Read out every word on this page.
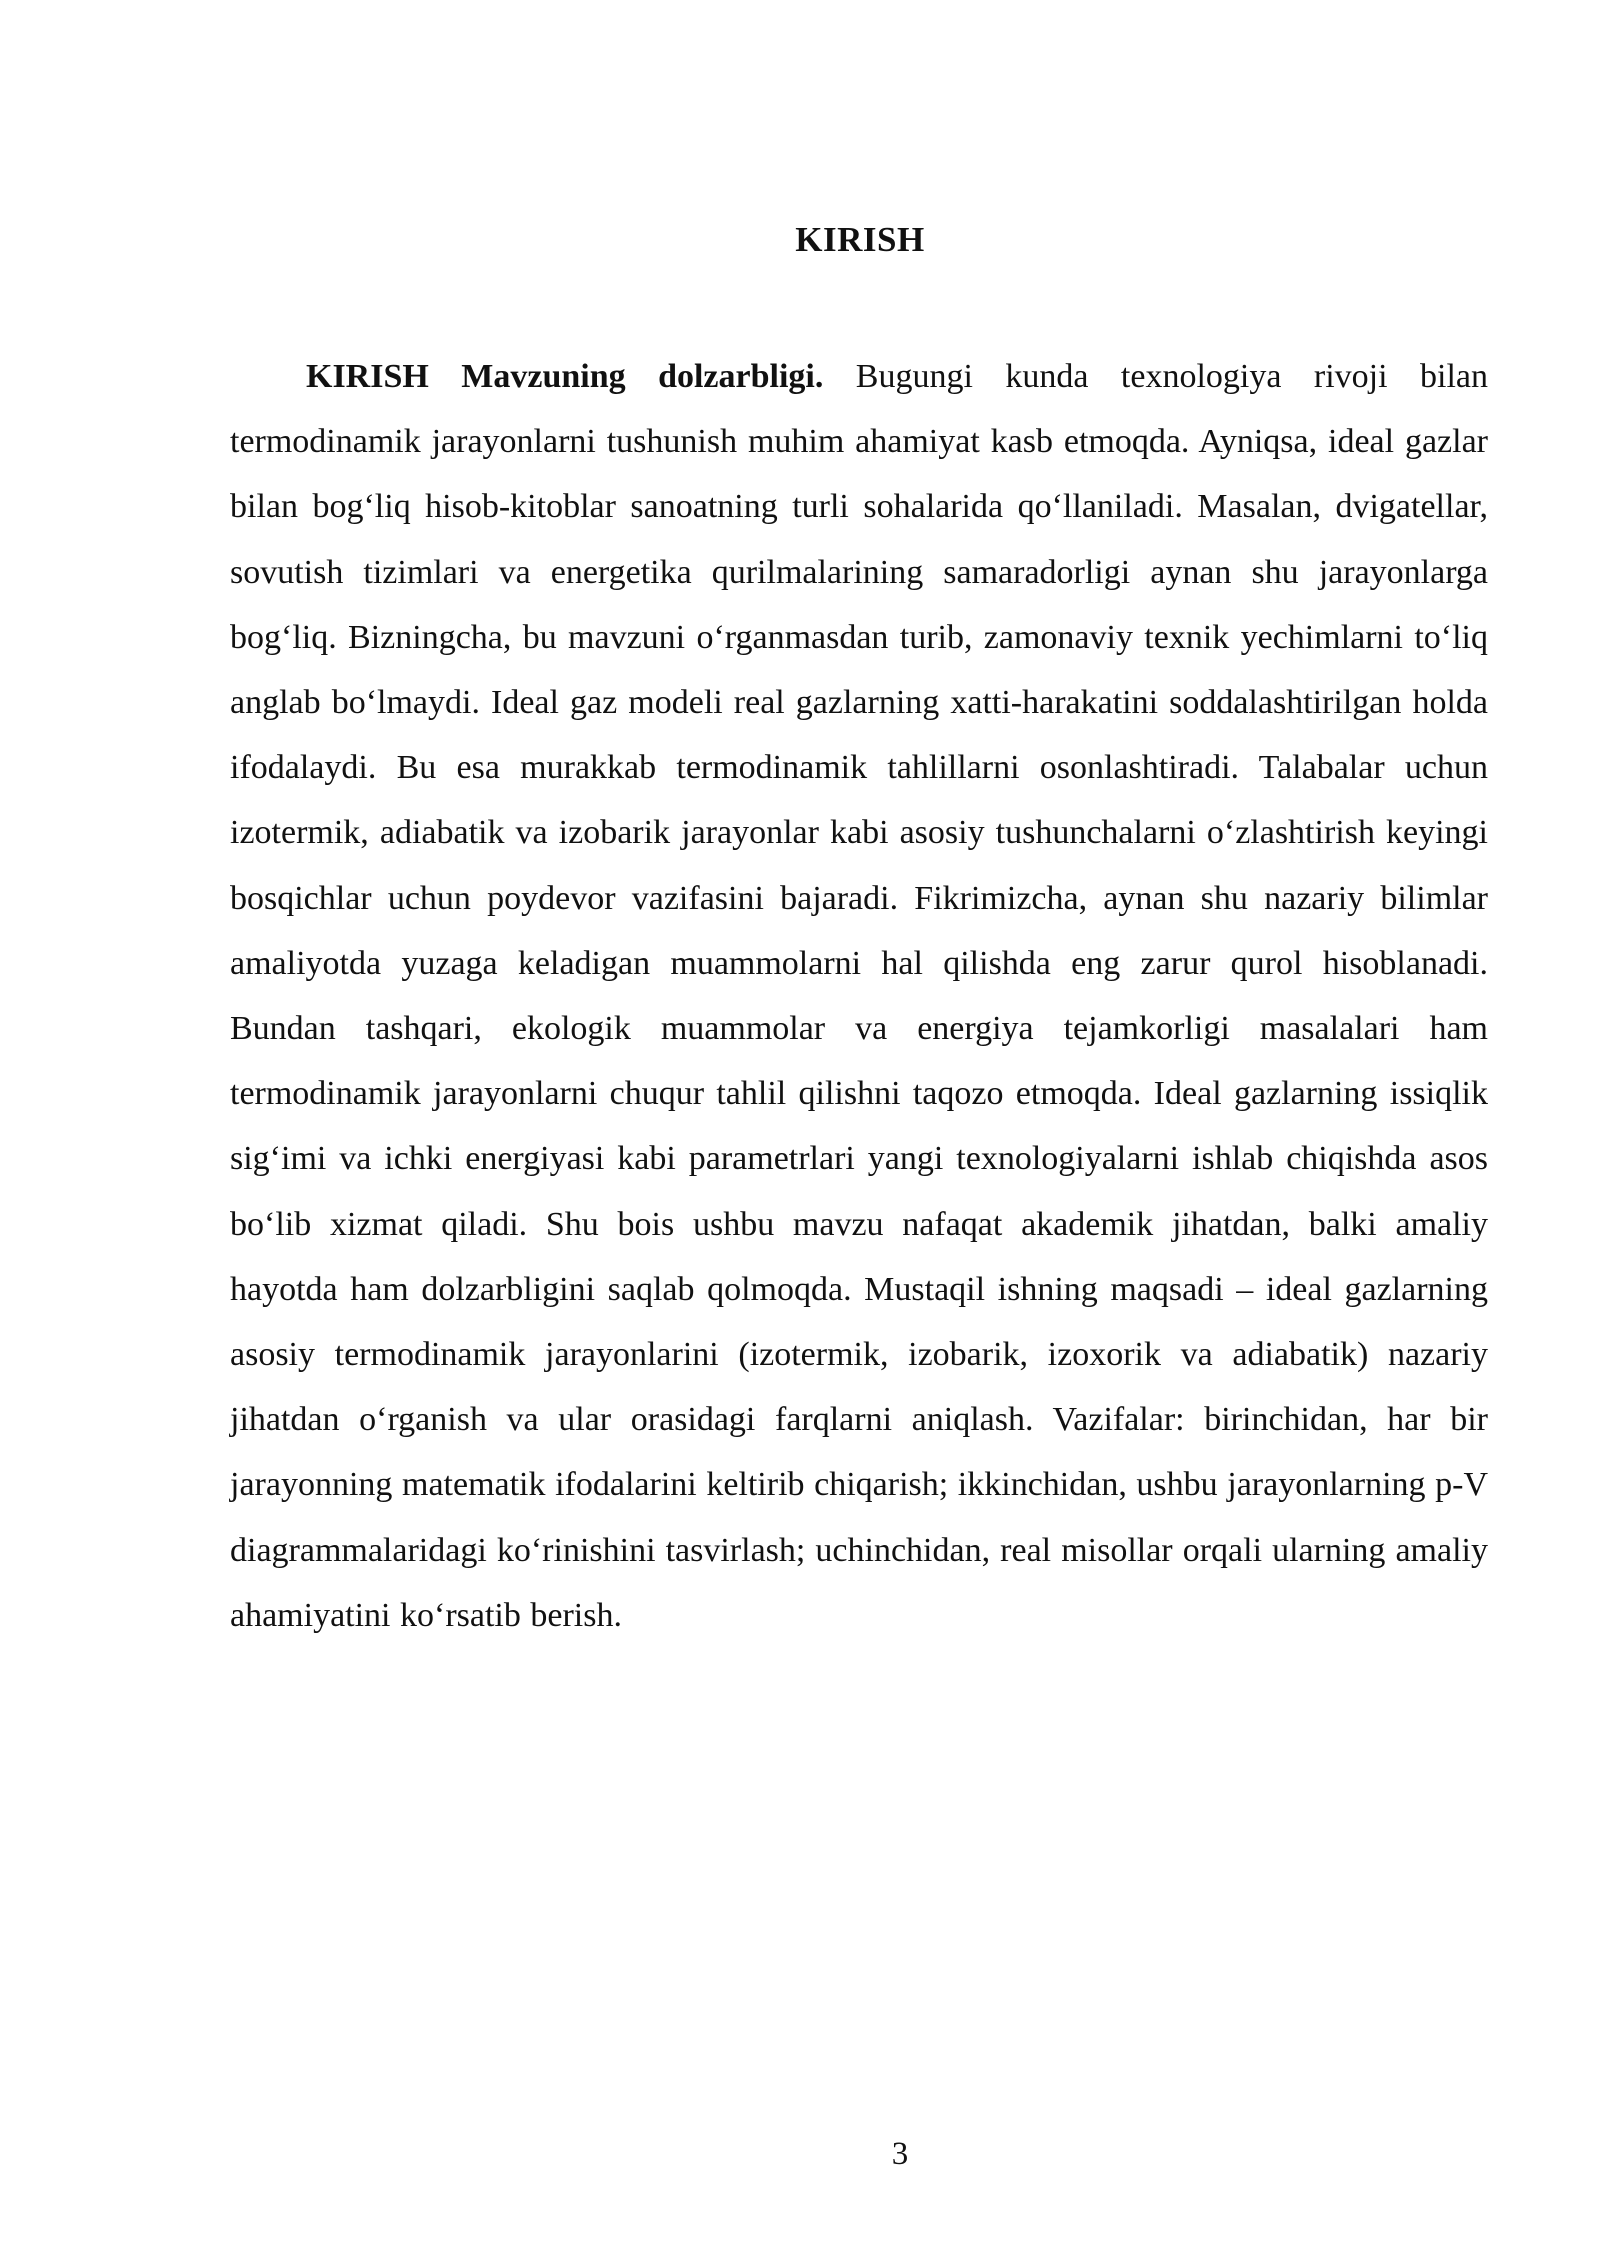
KIRISH

KIRISH Mavzuning dolzarbligi. Bugungi kunda texnologiya rivoji bilan termodinamik jarayonlarni tushunish muhim ahamiyat kasb etmoqda. Ayniqsa, ideal gazlar bilan bog‘liq hisob-kitoblar sanoatning turli sohalarida qo‘llaniladi. Masalan, dvigatellar, sovutish tizimlari va energetika qurilmalarining samaradorligi aynan shu jarayonlarga bog‘liq. Bizningcha, bu mavzuni o‘rganmasdan turib, zamonaviy texnik yechimlarni to‘liq anglab bo‘lmaydi. Ideal gaz modeli real gazlarning xatti-harakatini soddalashtirilgan holda ifodalaydi. Bu esa murakkab termodinamik tahlillarni osonlashtiradi. Talabalar uchun izotermik, adiabatik va izobarik jarayonlar kabi asosiy tushunchalarni o‘zlashtirish keyingi bosqichlar uchun poydevor vazifasini bajaradi. Fikrimizcha, aynan shu nazariy bilimlar amaliyotda yuzaga keladigan muammolarni hal qilishda eng zarur qurol hisoblanadi. Bundan tashqari, ekologik muammolar va energiya tejamkorligi masalalari ham termodinamik jarayonlarni chuqur tahlil qilishni taqozo etmoqda. Ideal gazlarning issiqlik sig‘imi va ichki energiyasi kabi parametrlari yangi texnologiyalarni ishlab chiqishda asos bo‘lib xizmat qiladi. Shu bois ushbu mavzu nafaqat akademik jihatdan, balki amaliy hayotda ham dolzarbligini saqlab qolmoqda. Mustaqil ishning maqsadi – ideal gazlarning asosiy termodinamik jarayonlarini (izotermik, izobarik, izoxorik va adiabatik) nazariy jihatdan o‘rganish va ular orasidagi farqlarni aniqlash. Vazifalar: birinchidan, har bir jarayonning matematik ifodalarini keltirib chiqarish; ikkinchidan, ushbu jarayonlarning p-V diagrammalaridagi ko‘rinishini tasvirlash; uchinchidan, real misollar orqali ularning amaliy ahamiyatini ko‘rsatib berish.

3
